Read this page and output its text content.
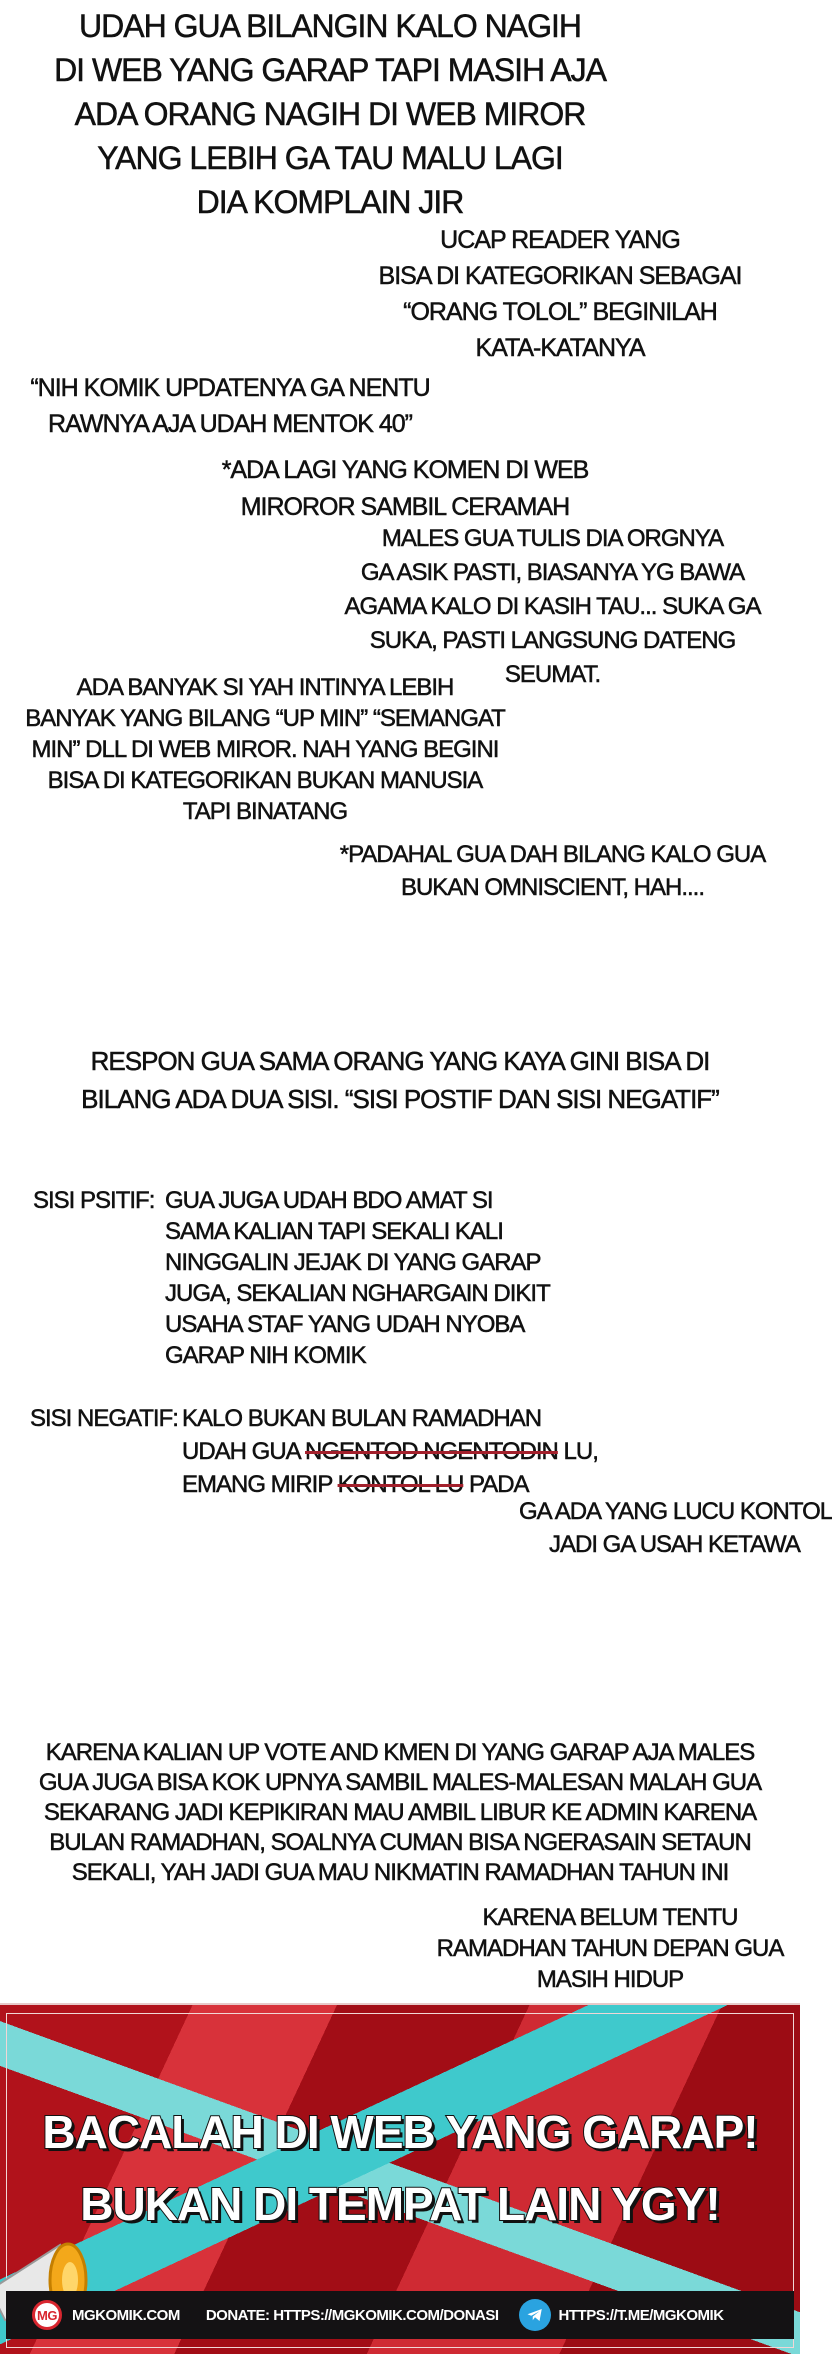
UDAH GUA BILANGIN KALO NAGIH
DI WEB YANG GARAP TAPI MASIH AJA
ADA ORANG NAGIH DI WEB MIROR
YANG LEBIH GA TAU MALU LAGI
DIA KOMPLAIN JIR
UCAP READER YANG
BISA DI KATEGORIKAN SEBAGAI
“ORANG TOLOL” BEGINILAH
KATA-KATANYA
“NIH KOMIK UPDATENYA GA NENTU
RAWNYA AJA UDAH MENTOK 40”
*ADA LAGI YANG KOMEN DI WEB
MIROROR SAMBIL CERAMAH
MALES GUA TULIS DIA ORGNYA
GA ASIK PASTI, BIASANYA YG BAWA
AGAMA KALO DI KASIH TAU... SUKA GA
SUKA, PASTI LANGSUNG DATENG
SEUMAT.
ADA BANYAK SI YAH INTINYA LEBIH
BANYAK YANG BILANG “UP MIN” “SEMANGAT
MIN” DLL DI WEB MIROR. NAH YANG BEGINI
BISA DI KATEGORIKAN BUKAN MANUSIA
TAPI BINATANG
*PADAHAL GUA DAH BILANG KALO GUA
BUKAN OMNISCIENT, HAH....
RESPON GUA SAMA ORANG YANG KAYA GINI BISA DI
BILANG ADA DUA SISI. “SISI POSTIF DAN SISI NEGATIF”
SISI PSITIF: GUA JUGA UDAH BDO AMAT SI
SAMA KALIAN TAPI SEKALI KALI
NINGGALIN JEJAK DI YANG GARAP
JUGA, SEKALIAN NGHARGAIN DIKIT
USAHA STAF YANG UDAH NYOBA
GARAP NIH KOMIK
SISI NEGATIF: KALO BUKAN BULAN RAMADHAN
UDAH GUA NGENTOD NGENTODIN LU,
EMANG MIRIP KONTOL LU PADA
GA ADA YANG LUCU KONTOL
JADI GA USAH KETAWA
KARENA KALIAN UP VOTE AND KMEN DI YANG GARAP AJA MALES
GUA JUGA BISA KOK UPNYA SAMBIL MALES-MALESAN MALAH GUA
SEKARANG JADI KEPIKIRAN MAU AMBIL LIBUR KE ADMIN KARENA
BULAN RAMADHAN, SOALNYA CUMAN BISA NGERASAIN SETAUN
SEKALI, YAH JADI GUA MAU NIKMATIN RAMADHAN TAHUN INI
KARENA BELUM TENTU
RAMADHAN TAHUN DEPAN GUA
MASIH HIDUP
BACALAH DI WEB YANG GARAP!
BUKAN DI TEMPAT LAIN YGY!
MG	MGKOMIK.COM DONATE: HTTPS://MGKOMIK.COM/DONASI	HTTPS://T.ME/MGKOMIK
